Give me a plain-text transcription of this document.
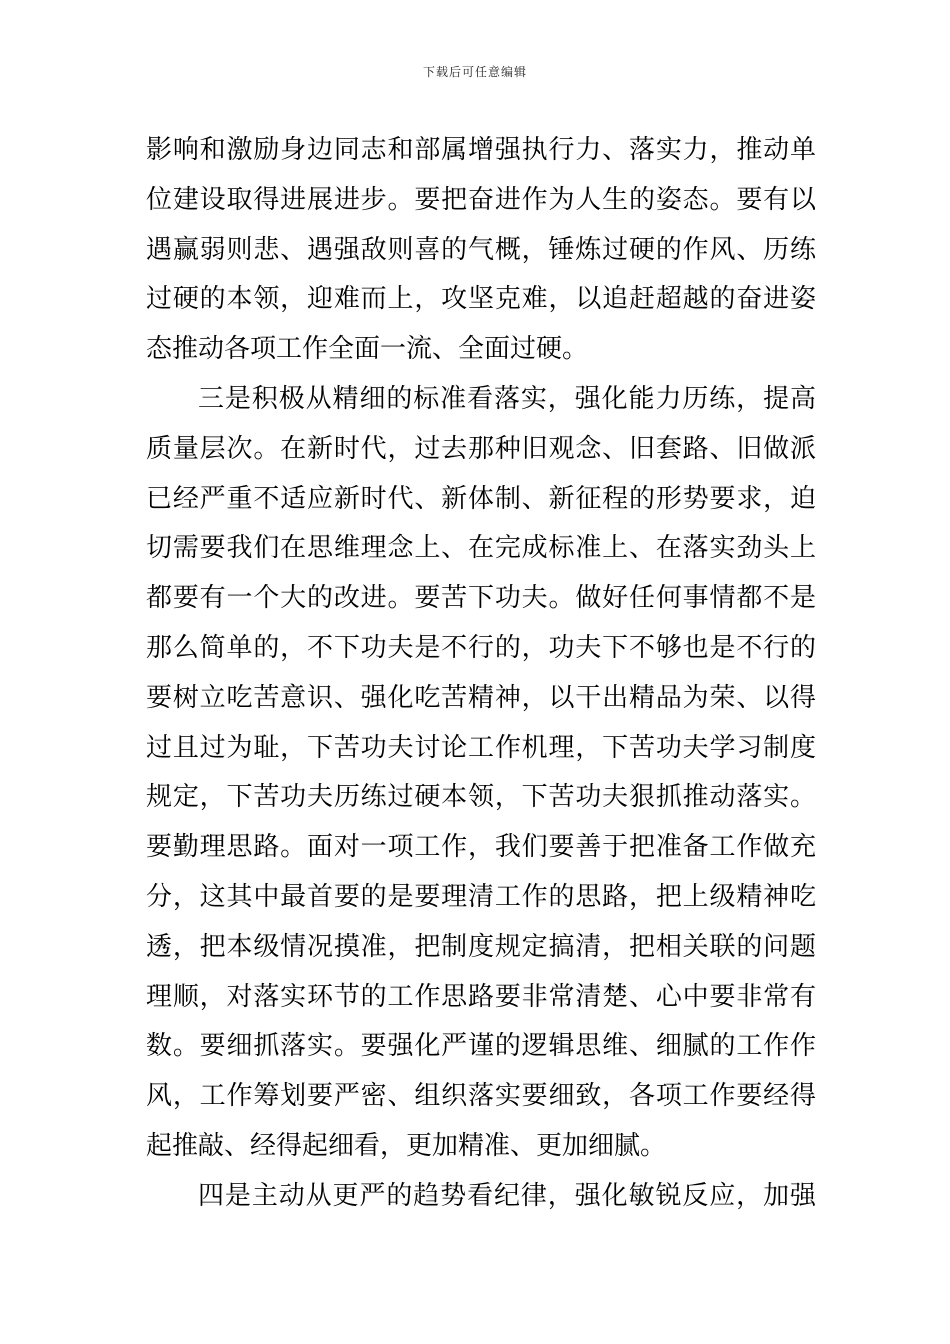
下载后可任意编辑
影响和激励身边同志和部属增强执行力、落实力，推动单
位建设取得进展进步。要把奋进作为人生的姿态。要有以
遇赢弱则悲、遇强敌则喜的气概，锤炼过硬的作风、历练
过硬的本领，迎难而上，攻坚克难，以追赶超越的奋进姿
态推动各项工作全面一流、全面过硬。
三是积极从精细的标准看落实，强化能力历练，提高
质量层次。在新时代，过去那种旧观念、旧套路、旧做派
已经严重不适应新时代、新体制、新征程的形势要求，迫
切需要我们在思维理念上、在完成标准上、在落实劲头上
都要有一个大的改进。要苦下功夫。做好任何事情都不是
那么简单的，不下功夫是不行的，功夫下不够也是不行的
要树立吃苦意识、强化吃苦精神，以干出精品为荣、以得
过且过为耻，下苦功夫讨论工作机理，下苦功夫学习制度
规定，下苦功夫历练过硬本领，下苦功夫狠抓推动落实。
要勤理思路。面对一项工作，我们要善于把准备工作做充
分，这其中最首要的是要理清工作的思路，把上级精神吃
透，把本级情况摸准，把制度规定搞清，把相关联的问题
理顺，对落实环节的工作思路要非常清楚、心中要非常有
数。要细抓落实。要强化严谨的逻辑思维、细腻的工作作
风，工作筹划要严密、组织落实要细致，各项工作要经得
起推敲、经得起细看，更加精准、更加细腻。
四是主动从更严的趋势看纪律，强化敏锐反应，加强
